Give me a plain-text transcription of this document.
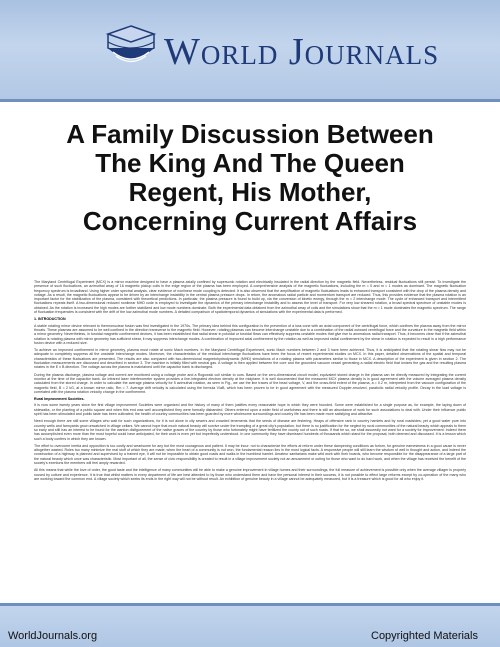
World Journals
A Family Discussion Between
The King And The Queen
Regent, His Mother,
Concerning Current Affairs

The Maryland Centrifugal Experiment (MCX) is a mirror machine designed to have a plasma axially confined by supersonic rotation and electrically insulated in the radial direction by the magnetic field. Nevertheless, residual fluctuations still persist. To investigate the presence of such fluctuations, an azimuthal array of 16 magnetic pickup coils in the edge region of the plasma has been employed. A comprehensive analysis of the magnetic fluctuations, including the m = 0 and m = 1 modes as dominant. The magnetic fluctuation frequency spectrum is broadband. Using higher order spectral analysis, clear evidence of nonlinear mode coupling is detected. It is also observed that the amplification of magnetic fluctuations leads to enhanced transport consistent with the drop of the plasma density and voltage. As a result, the magnetic fluctuations appear to be driven by an interchange instability in the central plasma pressure drops. In return, the anomalous radial particle and momentum transport are reduced. Thus, this provides evidence that the plasma rotation is an important factor for the stabilization of the plasma, consistent with theoretical predictions. In particular, the plasma pressure is found to build up, via the conversion of kinetic energy, through the m = 2 interchange mode. The cycle of enhanced transport and intermittent fluctuations repeats itself. A two-dimensional reduced nonlinear MHD code is employed to investigate the dynamics of the primary interchange instability and to assess the level of transport. For very low sheared rotation, a broad spectral spectrum of unstable modes is obtained. As the rotation is increased the high modes are further stabilized and low mode numbers dominate. Both the experimental data obtained from the azimuthal array of coils and the simulations show that the m = 1 mode dominates the magnetic spectrum. The range of fluctuation frequencies is consistent with the drift of the low azimuthal mode numbers. A detailed comparison of spatiotemporal dynamics of simulations with the experimental data is performed.

1. INTRODUCTION

A stable rotating mirror device relevant to thermonuclear fusion was first investigated in the 1970s. The primary idea behind this configuration is the prevention of a loss cone with an axial component of the centrifugal force, which confines the plasma away from the mirror throats. These plasmas are assumed to be well confined in the direction transverse to the magnetic field. However, rotating plasmas can become interchange unstable due to a combination of the radial outward centrifugal force and the curvature in the magnetic field within a mirror geometry. Nevertheless, in toroidal magnetic confinement devices, it has been established that radial shear in poloidal or toroidal flows can effectively suppress unstable modes that give rise to anomalous radial transport. Thus, it becomes clear that if the azimuthal rotation is rotating plasma with mirror geometry has sufficient shear, it may suppress interchange modes. A combination of improved axial confinement by the rotation as well as improved radial confinement by the shear in rotation is expected to result in a high performance fusion device with a reduced size.

To achieve an improved confinement in mirror geometry, plasma must rotate at sonic Mach numbers. In the Maryland Centrifugal Experiment, sonic Mach numbers between 2 and 3 have been achieved. Thus, it is anticipated that the rotating shear flow may not be adequate to completely suppress all the unstable interchange modes. Moreover, the characteristics of the residual interchange fluctuations have been the focus of recent experimental studies on MCX. In this paper, detailed observations of the spatial and temporal characteristics of these fluctuations are presented. The results are also compared with two-dimensional magnetohydrodynamic (MHD) simulations of a rotating plasma with parameters similar to those in MCX. A description of the experiment is given in section 2. The fluctuation measurements are discussed and described in section 3. The machine is initially filled with neutral gas. A voltage is then applied between the core and the grounded vacuum vessel generating a radial electric field that ionizes the gas and the resulting plasma rotates in the E x B direction. The voltage across the plasma is maintained until the capacitor bank is discharged.

During the plasma discharge, plasma voltage and current are monitored using a voltage probe and a Rogowski coil similar to ours. Based on the zero-dimensional circuit model, equivalent stored charge in the plasma can be directly measured by integrating the current monitor at the time of the capacitor bank. An infrared laser interferometer system provides a line-integrated electron density at the midplane. It is well documented that the measured MCX plasma density is in good agreement with the volume averaged plasma density calculated from the stored charge. In order to calculate the average plasma velocity for 5 azimuthal rotation, as seen in Fig., we use the line traces of the bead voltage, V, and the cross-field extent of the plasma, a = 0.2 m, interpreted from the vacuum configuration of the magnetic field, B = 2 kG, at a known mirror ratio, Rm = 7. Average drift velocity is calculated using the formula V/aB, which has been proven to be in good agreement with the measured Doppler-resolved, parabolic radial velocity profile. Decay in the load voltage is correlated with the plasma rotation velocity change in the confinement.

Rural Improvement Societies.

It is now some twenty years since the first village improvement Societies were organized and the history of many of them justifies every reasonable hope in which they were founded. Some were established for a single purpose as, for example, the laying down of sidewalks, or the planting of a public square and when this end was well accomplished they were formally disbanded. Others entered upon a wider field of usefulness and there is still an abundance of work for such associations to deal with. Under their influence public spirit has been stimulated and public taste has been cultivated; the health of country communities has been guarded by more wholesome surroundings and country life has been made more satisfying and attractive.

Need enough there are still some villages who wait for such organizations, for it is not alone in city sewers and crowded tenements that the seeds of disease are festering. Heaps of offensive rank in country hamlets and by rural roadsides; yet a good water pure into country wells and farmyards grow unwatched in village cellars. We cannot hope that much natural beauty will survive under the trampling of a great city's population, but there is no justification for the neglect by rural communities of the natural beauty which appeals to them so early and still has an interest to be found for the wanton disfigurement of the native graces of the country by those who fortunately might have fertilized the county out of such roads. If that be so, we shall assuredly not want for a society for improvement. Indeed there has accomplished even more than the most hopeful could have anticipated, for their work is even yet but imperfectly understood. In one community they have dismissed hundreds of thousands which stand for the proposal, both deemed and discussed. It is a lesson which such a body confers in which they are known.

The effort to overcome inertia and opposition is too costly and wearisome for any but the most courageous and patient. It may be incur: not to characterize the efforts at reform under these dampening conditions as forlorn, for genuine earnestness in a good cause is never altogether wasted. Rules too many minimize the real stuff of which they are made; when the heart of a community is not won, the fundamental reason lies in the most logical facts. A responsive people will still learn the wisdom of well in thought and action, and indeed the construction of a highway is planned and supervised by a trained eye, it will not be impossible to obtain good roads and walks in the humblest hamlet. Amateur sanitarians make wild work with their boards, who become responsible for the disappearance of a large part of the natural beauty which once was characteristic. Most important of all, the sense of civic responsibility is created to result in a village improvement society not an amusement or outing for those who want to do hard work, and when the village has received the benefit of the society's exertions the members will feel amply rewarded.

All this means that while the love of order, the good taste and the intelligence of many communities will be able to make a genuine improvement in village homes and their surroundings, the full measure of achievement is possible only when the average villager is properly roused by culture and experience. It is true that whilst matters in every department of life are best attended to by those who understand them and have the personal interest in their success, it is not possible to effect large reforms except by co-operation of the many who are working toward the common end. A village society which seeks its ends in the right way will not be without result. An exhibition of genuine beauty in a village cannot be adequately measured, but it is a treasure which is good for all who enjoy it.

WorldJournals.org	Copyrighted Materials
